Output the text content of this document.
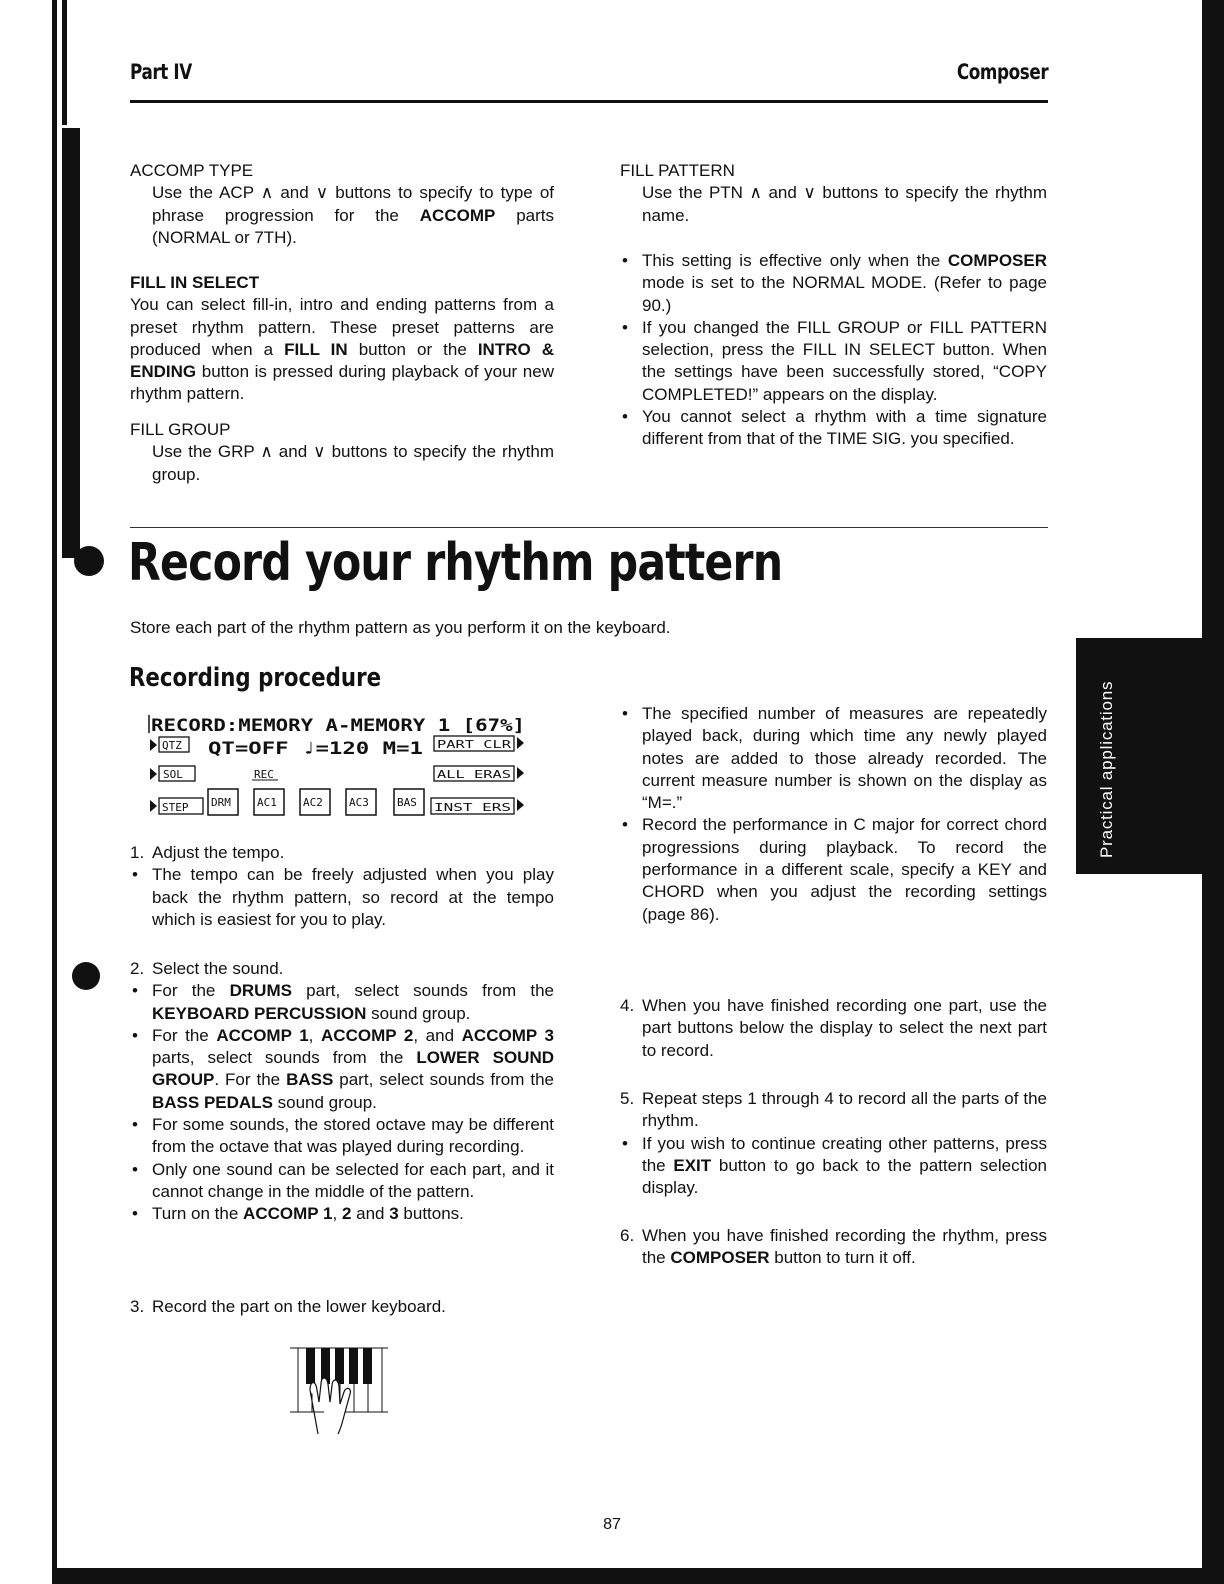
Part IV	Composer
ACCOMP TYPE
Use the ACP ∧ and ∨ buttons to specify to type of phrase progression for the ACCOMP parts (NORMAL or 7TH).
FILL IN SELECT
You can select fill-in, intro and ending patterns from a preset rhythm pattern. These preset patterns are produced when a FILL IN button or the INTRO & ENDING button is pressed during playback of your new rhythm pattern.
FILL GROUP
Use the GRP ∧ and ∨ buttons to specify the rhythm group.
FILL PATTERN
Use the PTN ∧ and ∨ buttons to specify the rhythm name.
• This setting is effective only when the COMPOSER mode is set to the NORMAL MODE. (Refer to page 90.)
• If you changed the FILL GROUP or FILL PATTERN selection, press the FILL IN SELECT button. When the settings have been successfully stored, “COPY COMPLETED!” appears on the display.
• You cannot select a rhythm with a time signature different from that of the TIME SIG. you specified.
Record your rhythm pattern
Store each part of the rhythm pattern as you perform it on the keyboard.
Recording procedure
Practical applications
RECORD:MEMORY A-MEMORY 1 [67%]
QTZ QT=OFF ♩=120 M=1 PART CLR
SOL	REC	ALL ERAS
STEP DRM AC1 AC2 AC3	BAS INST ERS
1. Adjust the tempo.
• The tempo can be freely adjusted when you play back the rhythm pattern, so record at the tempo which is easiest for you to play.
2. Select the sound.
• For the DRUMS part, select sounds from the KEYBOARD PERCUSSION sound group.
• For the ACCOMP 1, ACCOMP 2, and ACCOMP 3 parts, select sounds from the LOWER SOUND GROUP. For the BASS part, select sounds from the BASS PEDALS sound group.
• For some sounds, the stored octave may be different from the octave that was played during recording.
• Only one sound can be selected for each part, and it cannot change in the middle of the pattern.
• Turn on the ACCOMP 1, 2 and 3 buttons.
3. Record the part on the lower keyboard.
• The specified number of measures are repeatedly played back, during which time any newly played notes are added to those already recorded. The current measure number is shown on the display as “M=.”
• Record the performance in C major for correct chord progressions during playback. To record the performance in a different scale, specify a KEY and CHORD when you adjust the recording settings (page 86).
4. When you have finished recording one part, use the part buttons below the display to select the next part to record.
5. Repeat steps 1 through 4 to record all the parts of the rhythm.
• If you wish to continue creating other patterns, press the EXIT button to go back to the pattern selection display.
6. When you have finished recording the rhythm, press the COMPOSER button to turn it off.
87
